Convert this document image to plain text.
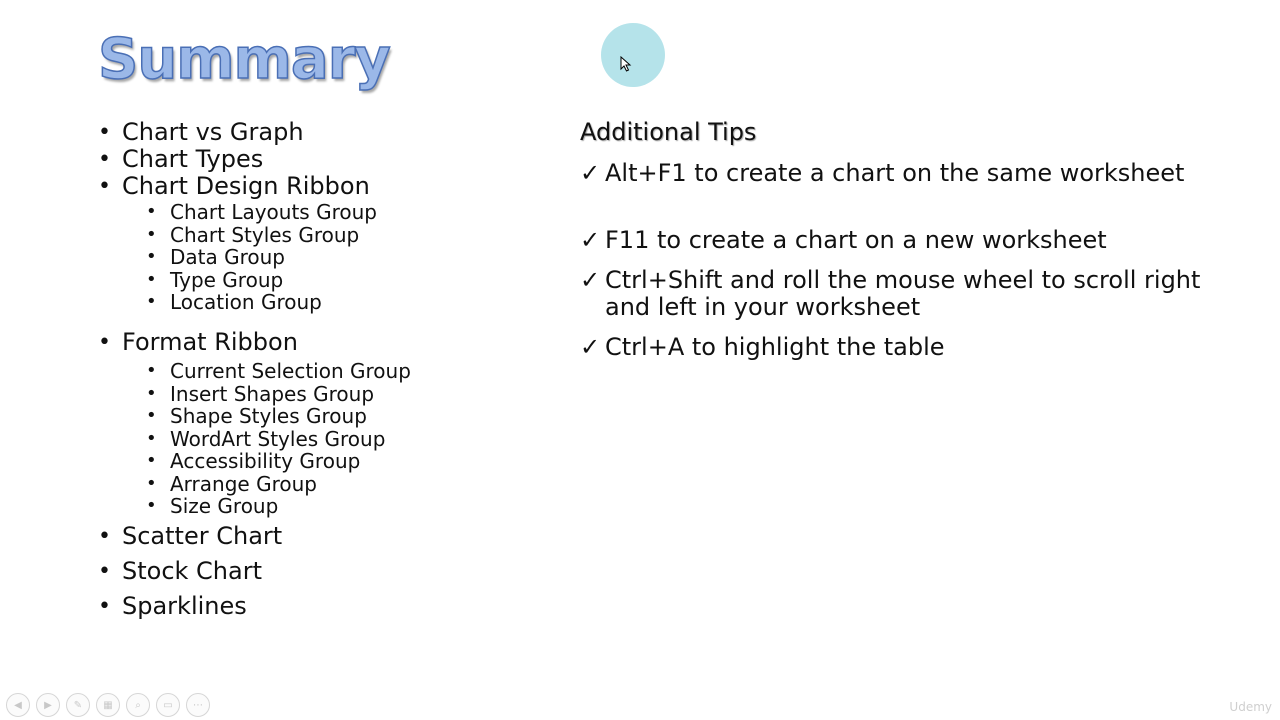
Summary
• Chart vs Graph
• Chart Types
• Chart Design Ribbon
• Chart Layouts Group
• Chart Styles Group
• Data Group
• Type Group
• Location Group
• Format Ribbon
• Current Selection Group
• Insert Shapes Group
• Shape Styles Group
• WordArt Styles Group
• Accessibility Group
• Arrange Group
• Size Group
• Scatter Chart
• Stock Chart
• Sparklines
Additional Tips
✓ Alt+F1 to create a chart on the same worksheet
✓ F11 to create a chart on a new worksheet
✓ Ctrl+Shift and roll the mouse wheel to scroll right and left in your worksheet
✓ Ctrl+A to highlight the table
◀ ▶ ✎ ▦ ⌕ ▭ ⋯	Udemy
